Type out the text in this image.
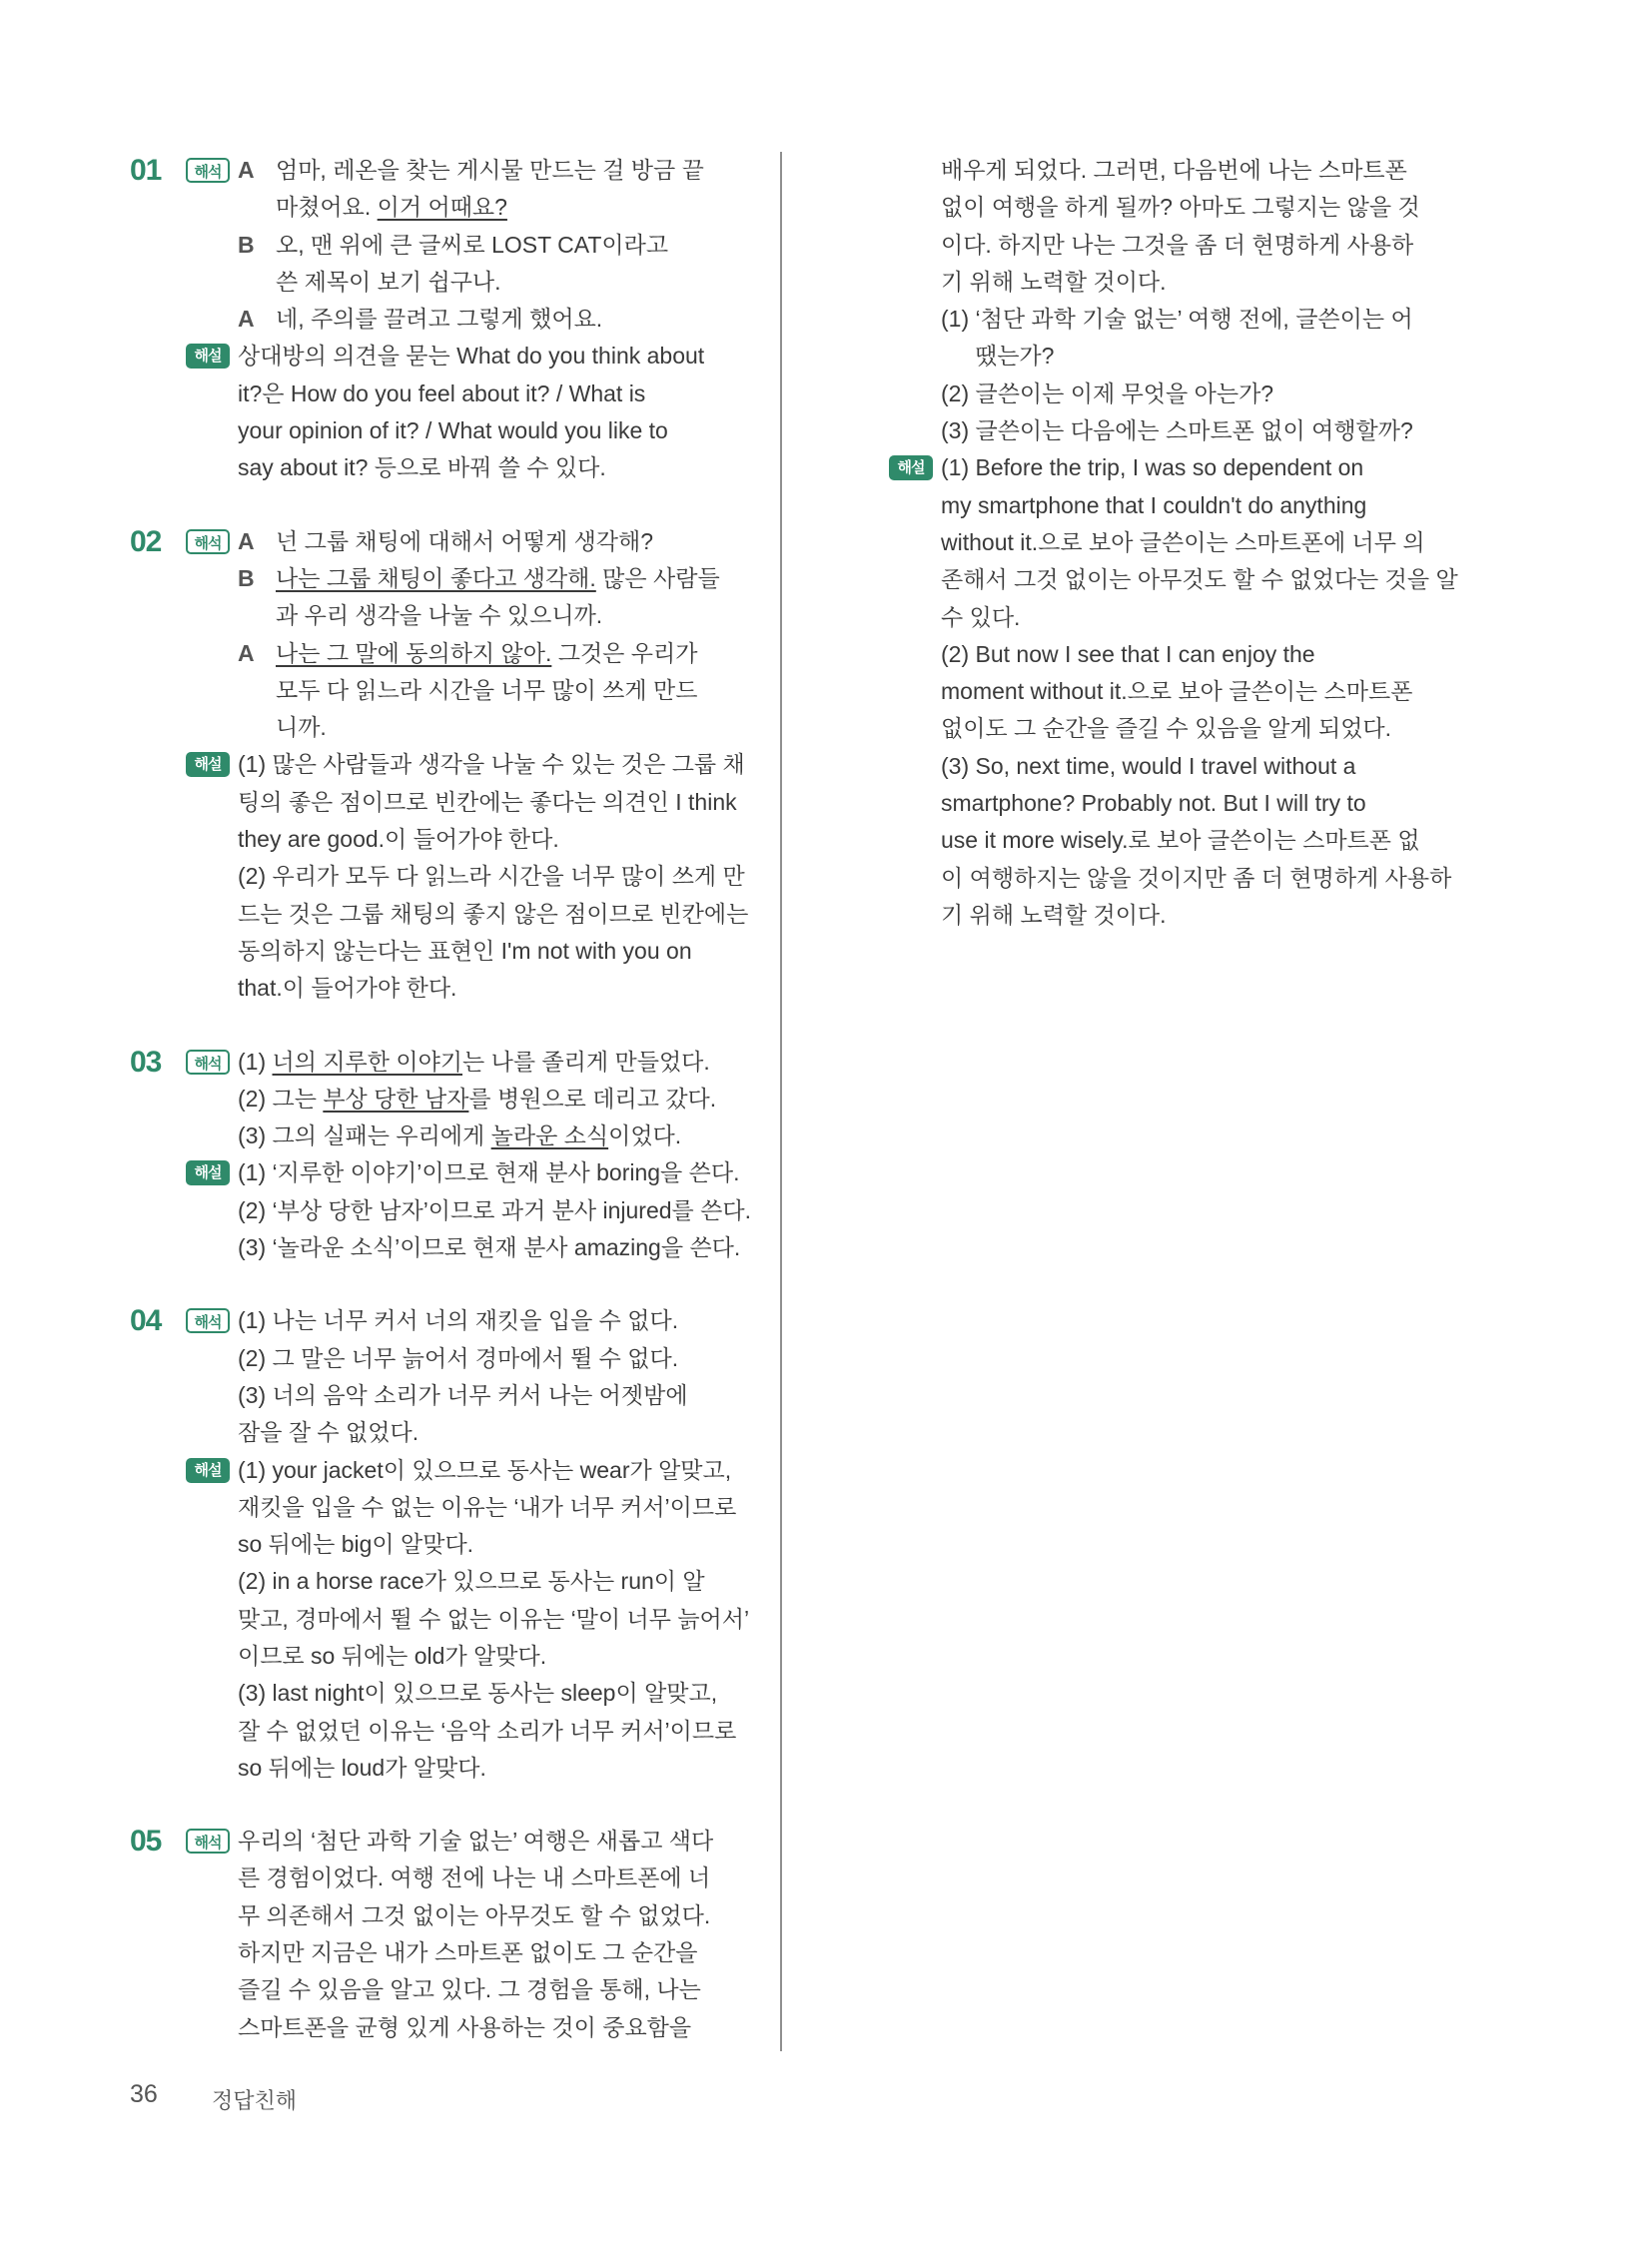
01	해석 A 엄마, 레온을 찾는 게시물 만드는 걸 방금 끝
마쳤어요. 이거 어때요?
B 오, 맨 위에 큰 글씨로 LOST CAT이라고
쓴 제목이 보기 쉽구나.
A 네, 주의를 끌려고 그렇게 했어요.
해설 상대방의 의견을 묻는 What do you think about
it?은 How do you feel about it? / What is
your opinion of it? / What would you like to
say about it? 등으로 바꿔 쓸 수 있다.
02	해석 A 넌 그룹 채팅에 대해서 어떻게 생각해?
B 나는 그룹 채팅이 좋다고 생각해. 많은 사람들
과 우리 생각을 나눌 수 있으니까.
A 나는 그 말에 동의하지 않아. 그것은 우리가
모두 다 읽느라 시간을 너무 많이 쓰게 만드
니까.
해설 (1) 많은 사람들과 생각을 나눌 수 있는 것은 그룹 채
팅의 좋은 점이므로 빈칸에는 좋다는 의견인 I think
they are good.이 들어가야 한다.
(2) 우리가 모두 다 읽느라 시간을 너무 많이 쓰게 만
드는 것은 그룹 채팅의 좋지 않은 점이므로 빈칸에는
동의하지 않는다는 표현인 I'm not with you on
that.이 들어가야 한다.
03	해석 (1) 너의 지루한 이야기는 나를 졸리게 만들었다.
(2) 그는 부상 당한 남자를 병원으로 데리고 갔다.
(3) 그의 실패는 우리에게 놀라운 소식이었다.
해설 (1) ‘지루한 이야기’이므로 현재 분사 boring을 쓴다.
(2) ‘부상 당한 남자’이므로 과거 분사 injured를 쓴다.
(3) ‘놀라운 소식’이므로 현재 분사 amazing을 쓴다.
04	해석 (1) 나는 너무 커서 너의 재킷을 입을 수 없다.
(2) 그 말은 너무 늙어서 경마에서 뛸 수 없다.
(3) 너의 음악 소리가 너무 커서 나는 어젯밤에
잠을 잘 수 없었다.
해설 (1) your jacket이 있으므로 동사는 wear가 알맞고,
재킷을 입을 수 없는 이유는 ‘내가 너무 커서’이므로
so 뒤에는 big이 알맞다.
(2) in a horse race가 있으므로 동사는 run이 알
맞고, 경마에서 뛸 수 없는 이유는 ‘말이 너무 늙어서’
이므로 so 뒤에는 old가 알맞다.
(3) last night이 있으므로 동사는 sleep이 알맞고,
잘 수 없었던 이유는 ‘음악 소리가 너무 커서’이므로
so 뒤에는 loud가 알맞다.
05	해석 우리의 ‘첨단 과학 기술 없는’ 여행은 새롭고 색다
른 경험이었다. 여행 전에 나는 내 스마트폰에 너
무 의존해서 그것 없이는 아무것도 할 수 없었다.
하지만 지금은 내가 스마트폰 없이도 그 순간을
즐길 수 있음을 알고 있다. 그 경험을 통해, 나는
스마트폰을 균형 있게 사용하는 것이 중요함을
배우게 되었다. 그러면, 다음번에 나는 스마트폰
없이 여행을 하게 될까? 아마도 그렇지는 않을 것
이다. 하지만 나는 그것을 좀 더 현명하게 사용하
기 위해 노력할 것이다.
(1) ‘첨단 과학 기술 없는’ 여행 전에, 글쓴이는 어
땠는가?
(2) 글쓴이는 이제 무엇을 아는가?
(3) 글쓴이는 다음에는 스마트폰 없이 여행할까?
해설 (1) Before the trip, I was so dependent on
my smartphone that I couldn't do anything
without it.으로 보아 글쓴이는 스마트폰에 너무 의
존해서 그것 없이는 아무것도 할 수 없었다는 것을 알
수 있다.
(2) But now I see that I can enjoy the
moment without it.으로 보아 글쓴이는 스마트폰
없이도 그 순간을 즐길 수 있음을 알게 되었다.
(3) So, next time, would I travel without a
smartphone? Probably not. But I will try to
use it more wisely.로 보아 글쓴이는 스마트폰 없
이 여행하지는 않을 것이지만 좀 더 현명하게 사용하
기 위해 노력할 것이다.
36 정답친해
